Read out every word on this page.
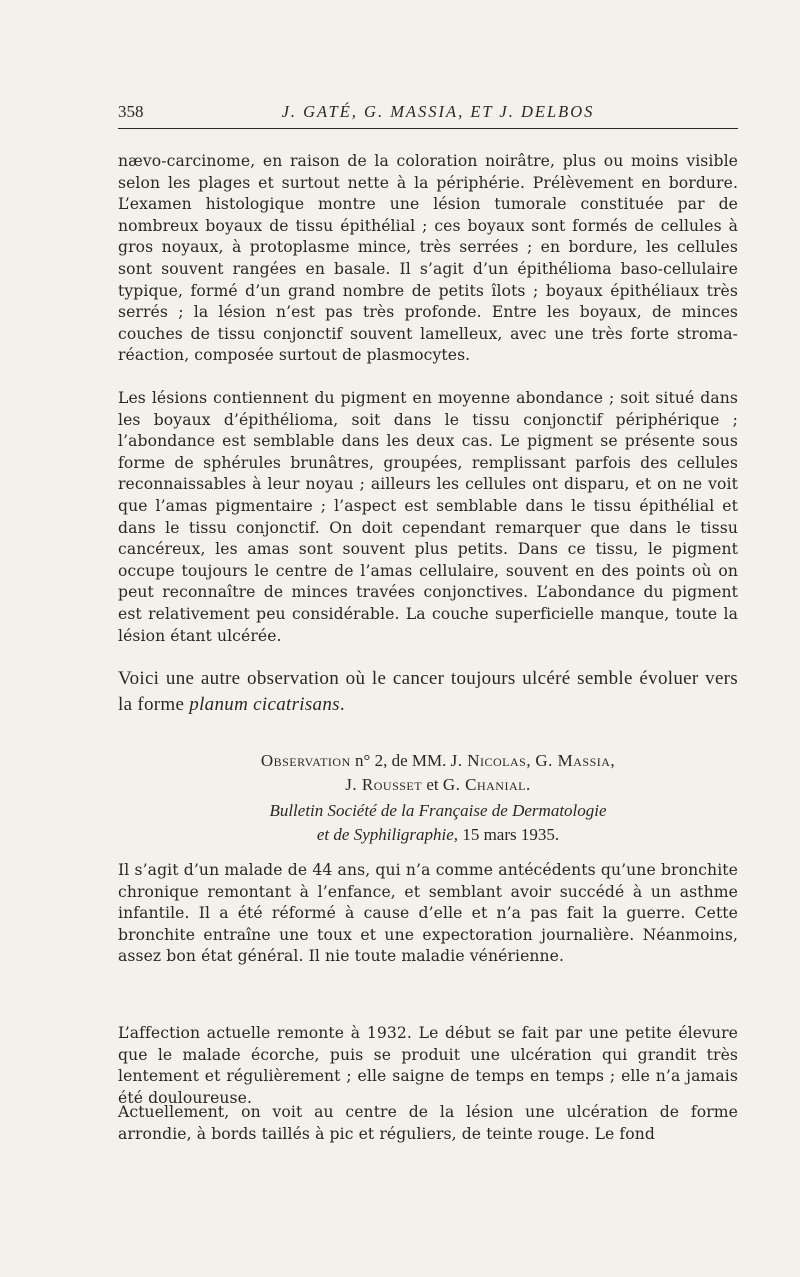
358	J. GATÉ, G. MASSIA, ET J. DELBOS

nævo-carcinome, en raison de la coloration noirâtre, plus ou moins visible selon les plages et surtout nette à la périphérie. Prélèvement en bordure. L’examen histologique montre une lésion tumorale constituée par de nombreux boyaux de tissu épithélial ; ces boyaux sont formés de cellules à gros noyaux, à protoplasme mince, très serrées ; en bordure, les cellules sont souvent rangées en basale. Il s’agit d’un épithélioma baso-cellulaire typique, formé d’un grand nombre de petits îlots ; boyaux épithéliaux très serrés ; la lésion n’est pas très profonde. Entre les boyaux, de minces couches de tissu conjonctif souvent lamelleux, avec une très forte stroma-réaction, composée surtout de plasmocytes.

Les lésions contiennent du pigment en moyenne abondance ; soit situé dans les boyaux d’épithélioma, soit dans le tissu conjonctif périphérique ; l’abondance est semblable dans les deux cas. Le pigment se présente sous forme de sphérules brunâtres, groupées, remplissant parfois des cellules reconnaissables à leur noyau ; ailleurs les cellules ont disparu, et on ne voit que l’amas pigmentaire ; l’aspect est semblable dans le tissu épithélial et dans le tissu conjonctif. On doit cependant remarquer que dans le tissu cancéreux, les amas sont souvent plus petits. Dans ce tissu, le pigment occupe toujours le centre de l’amas cellulaire, souvent en des points où on peut reconnaître de minces travées conjonctives. L’abondance du pigment est relativement peu considérable. La couche superficielle manque, toute la lésion étant ulcérée.

Voici une autre observation où le cancer toujours ulcéré semble évoluer vers la forme planum cicatrisans.

Observation n° 2, de MM. J. Nicolas, G. Massia,
J. Rousset et G. Chanial.

Bulletin Société de la Française de Dermatologie
et de Syphiligraphie, 15 mars 1935.

Il s’agit d’un malade de 44 ans, qui n’a comme antécédents qu’une bronchite chronique remontant à l’enfance, et semblant avoir succédé à un asthme infantile. Il a été réformé à cause d’elle et n’a pas fait la guerre. Cette bronchite entraîne une toux et une expectoration journalière. Néanmoins, assez bon état général. Il nie toute maladie vénérienne.

L’affection actuelle remonte à 1932. Le début se fait par une petite élevure que le malade écorche, puis se produit une ulcération qui grandit très lentement et régulièrement ; elle saigne de temps en temps ; elle n’a jamais été douloureuse.

Actuellement, on voit au centre de la lésion une ulcération de forme arrondie, à bords taillés à pic et réguliers, de teinte rouge. Le fond
